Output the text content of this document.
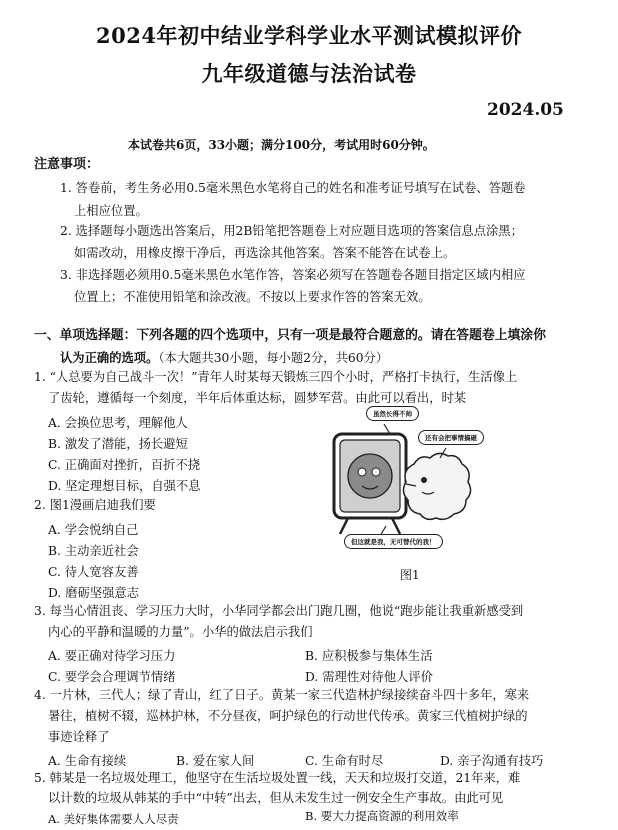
2024年初中结业学科学业水平测试模拟评价
九年级道德与法治试卷
2024.05
本试卷共6页，33小题；满分100分，考试用时60分钟。
注意事项：
1. 答卷前，考生务必用0.5毫米黑色水笔将自己的姓名和准考证号填写在试卷、答题卷
上相应位置。
2. 选择题每小题选出答案后，用2B铅笔把答题卷上对应题目选项的答案信息点涂黑；
如需改动，用橡皮擦干净后，再选涂其他答案。答案不能答在试卷上。
3. 非选择题必须用0.5毫米黑色水笔作答，答案必须写在答题卷各题目指定区域内相应
位置上；不准使用铅笔和涂改液。不按以上要求作答的答案无效。
一、单项选择题：下列各题的四个选项中，只有一项是最符合题意的。请在答题卷上填涂你
认为正确的选项。（本大题共30小题，每小题2分，共60分）
1. “人总要为自己战斗一次！”青年人时某每天锻炼三四个小时，严格打卡执行，生活像上
了齿轮，遵循每一个刻度，半年后体重达标，圆梦军营。由此可以看出，时某
A. 会换位思考，理解他人
B. 激发了潜能，扬长避短
C. 正确面对挫折，百折不挠
D. 坚定理想目标，自强不息
2. 图1漫画启迪我们要
A. 学会悦纳自己
B. 主动亲近社会
C. 待人宽容友善
D. 磨砺坚强意志
虽然长得不帅
还有会把事情搞砸
但这就是我，无可替代的我！
图1
3. 每当心情沮丧、学习压力大时，小华同学都会出门跑几圈，他说“跑步能让我重新感受到
内心的平静和温暖的力量”。小华的做法启示我们
A. 要正确对待学习压力	B. 应积极参与集体生活
C. 要学会合理调节情绪	D. 需理性对待他人评价
4. 一片林，三代人；绿了青山，红了日子。黄某一家三代造林护绿接续奋斗四十多年，寒来
暑往，植树不辍，巡林护林，不分昼夜，呵护绿色的行动世代传承。黄家三代植树护绿的
事迹诠释了
A. 生命有接续	B. 爱在家人间	C. 生命有时尽	D. 亲子沟通有技巧
5. 韩某是一名垃圾处理工，他坚守在生活垃圾处置一线，天天和垃圾打交道，21年来，难
以计数的垃圾从韩某的手中“中转”出去，但从未发生过一例安全生产事故。由此可见
A. 美好集体需要人人尽责	B. 要大力提高资源的利用效率
